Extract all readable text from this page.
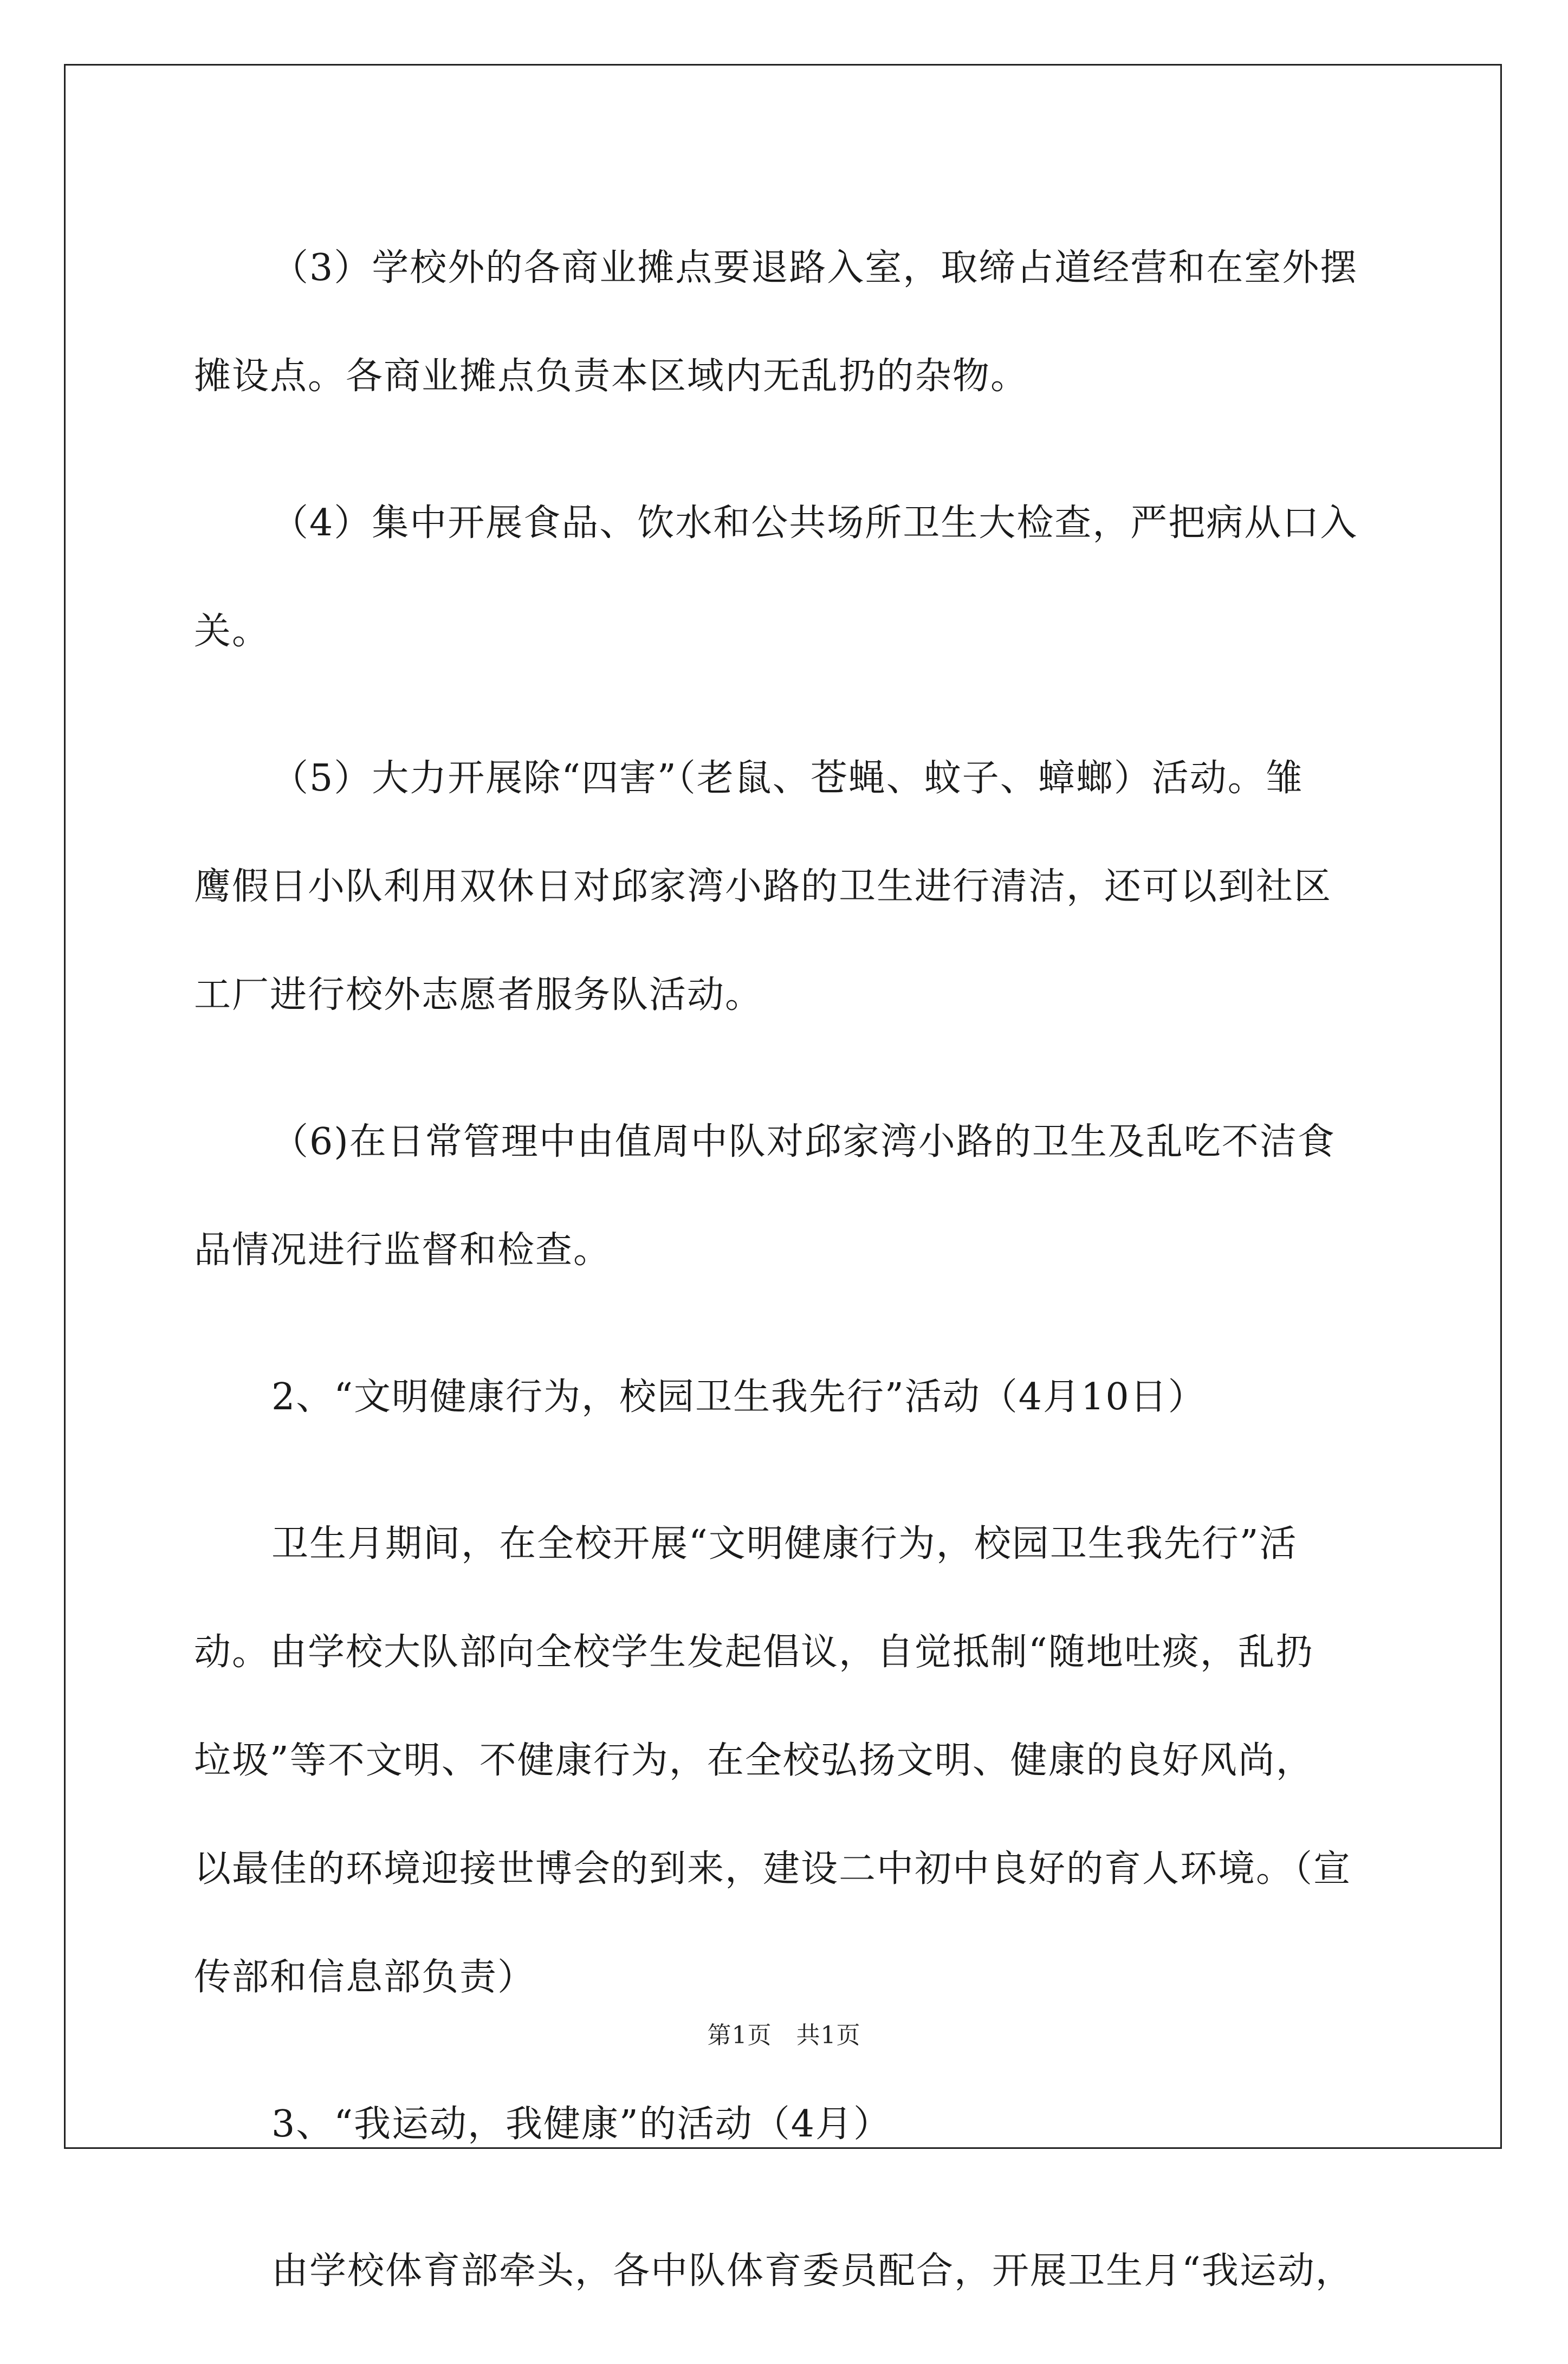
（3）学校外的各商业摊点要退路入室，取缔占道经营和在室外摆
摊设点。各商业摊点负责本区域内无乱扔的杂物。

（4）集中开展食品、饮水和公共场所卫生大检查，严把病从口入
关。

（5）大力开展除“四害”（老鼠、苍蝇、蚊子、蟑螂）活动。雏
鹰假日小队利用双休日对邱家湾小路的卫生进行清洁，还可以到社区
工厂进行校外志愿者服务队活动。

（6)在日常管理中由值周中队对邱家湾小路的卫生及乱吃不洁食
品情况进行监督和检查。

2、“文明健康行为，校园卫生我先行”活动（4月10日）

卫生月期间，在全校开展“文明健康行为，校园卫生我先行”活
动。由学校大队部向全校学生发起倡议，自觉抵制“随地吐痰，乱扔
垃圾”等不文明、不健康行为，在全校弘扬文明、健康的良好风尚，
以最佳的环境迎接世博会的到来，建设二中初中良好的育人环境。（宣
传部和信息部负责）

3、“我运动，我健康”的活动（4月）

由学校体育部牵头，各中队体育委员配合，开展卫生月“我运动，

第1页　共1页
